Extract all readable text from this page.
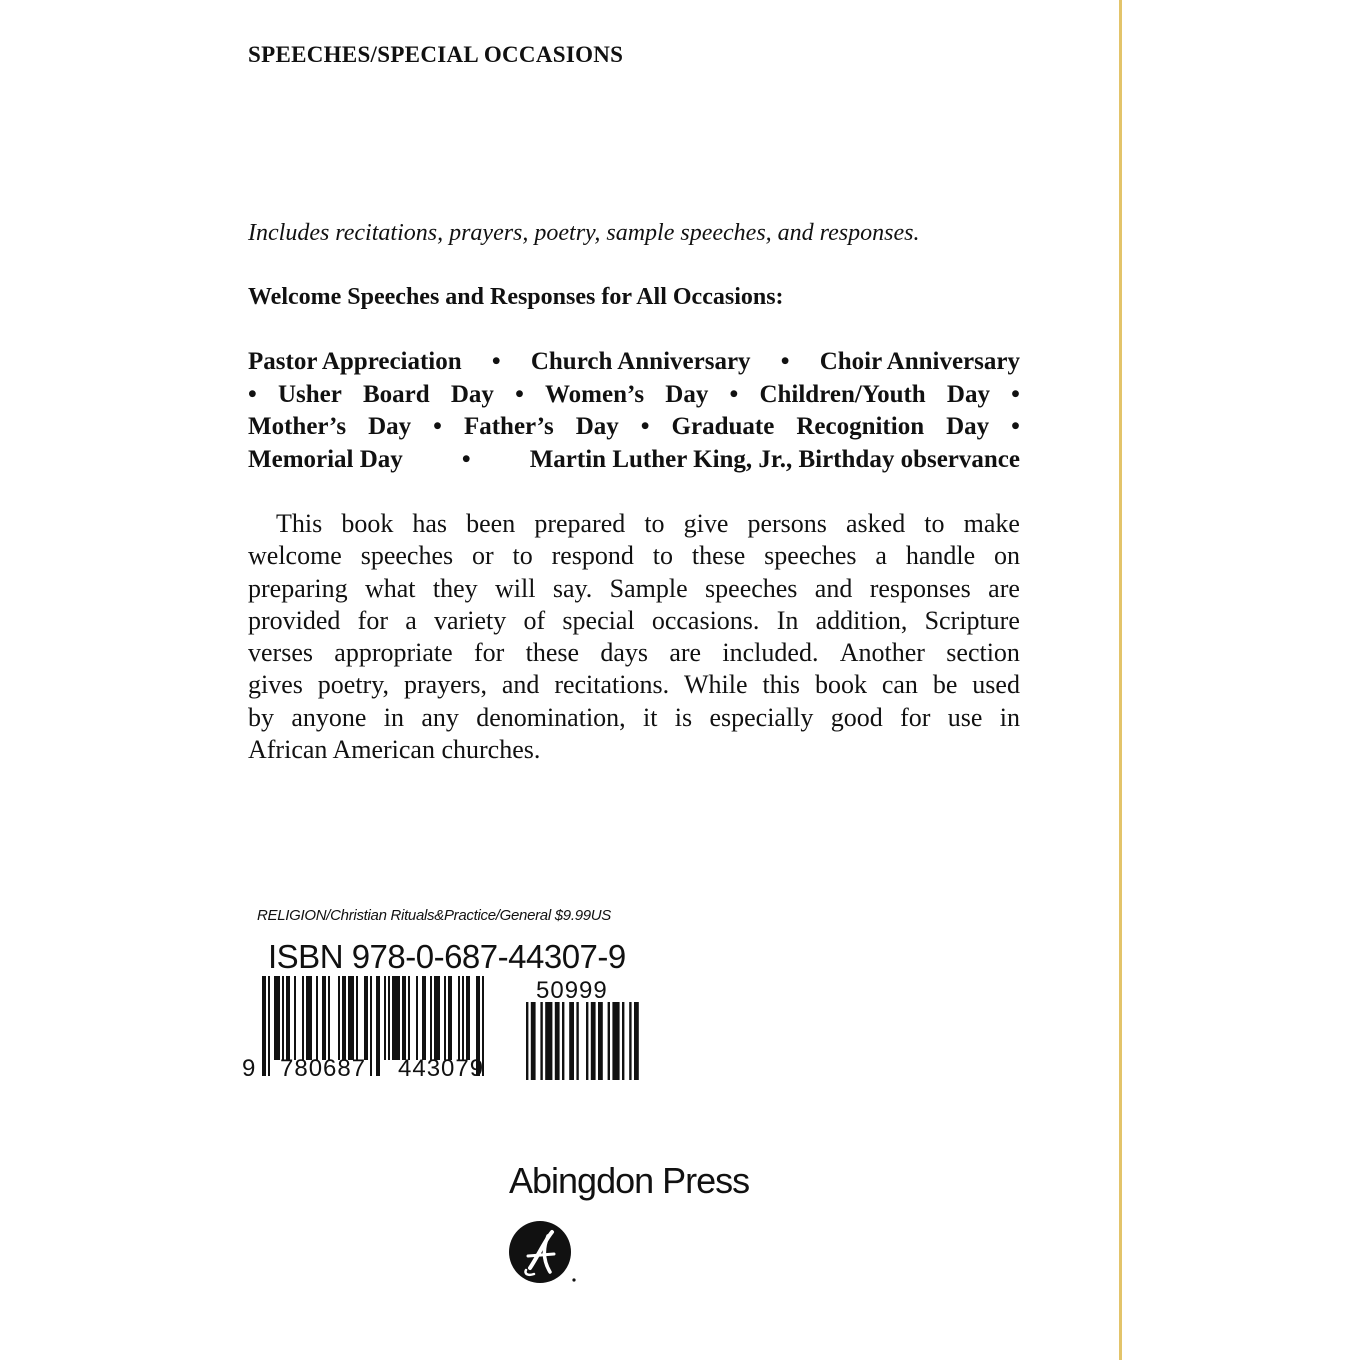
SPEECHES/SPECIAL OCCASIONS
Includes recitations, prayers, poetry, sample speeches, and responses.
Welcome Speeches and Responses for All Occasions:
Pastor Appreciation • Church Anniversary • Choir Anniversary
• Usher Board Day • Women’s Day • Children/Youth Day •
Mother’s Day • Father’s Day • Graduate Recognition Day •
Memorial Day • Martin Luther King, Jr., Birthday observance
This book has been prepared to give persons asked to make
welcome speeches or to respond to these speeches a handle on
preparing what they will say. Sample speeches and responses are
provided for a variety of special occasions. In addition, Scripture
verses appropriate for these days are included. Another section
gives poetry, prayers, and recitations. While this book can be used
by anyone in any denomination, it is especially good for use in
African American churches.
RELIGION/Christian Rituals&Practice/General $9.99US
ISBN 978-0-687-44307-9
9 780687 443079
50999
Abingdon Press
